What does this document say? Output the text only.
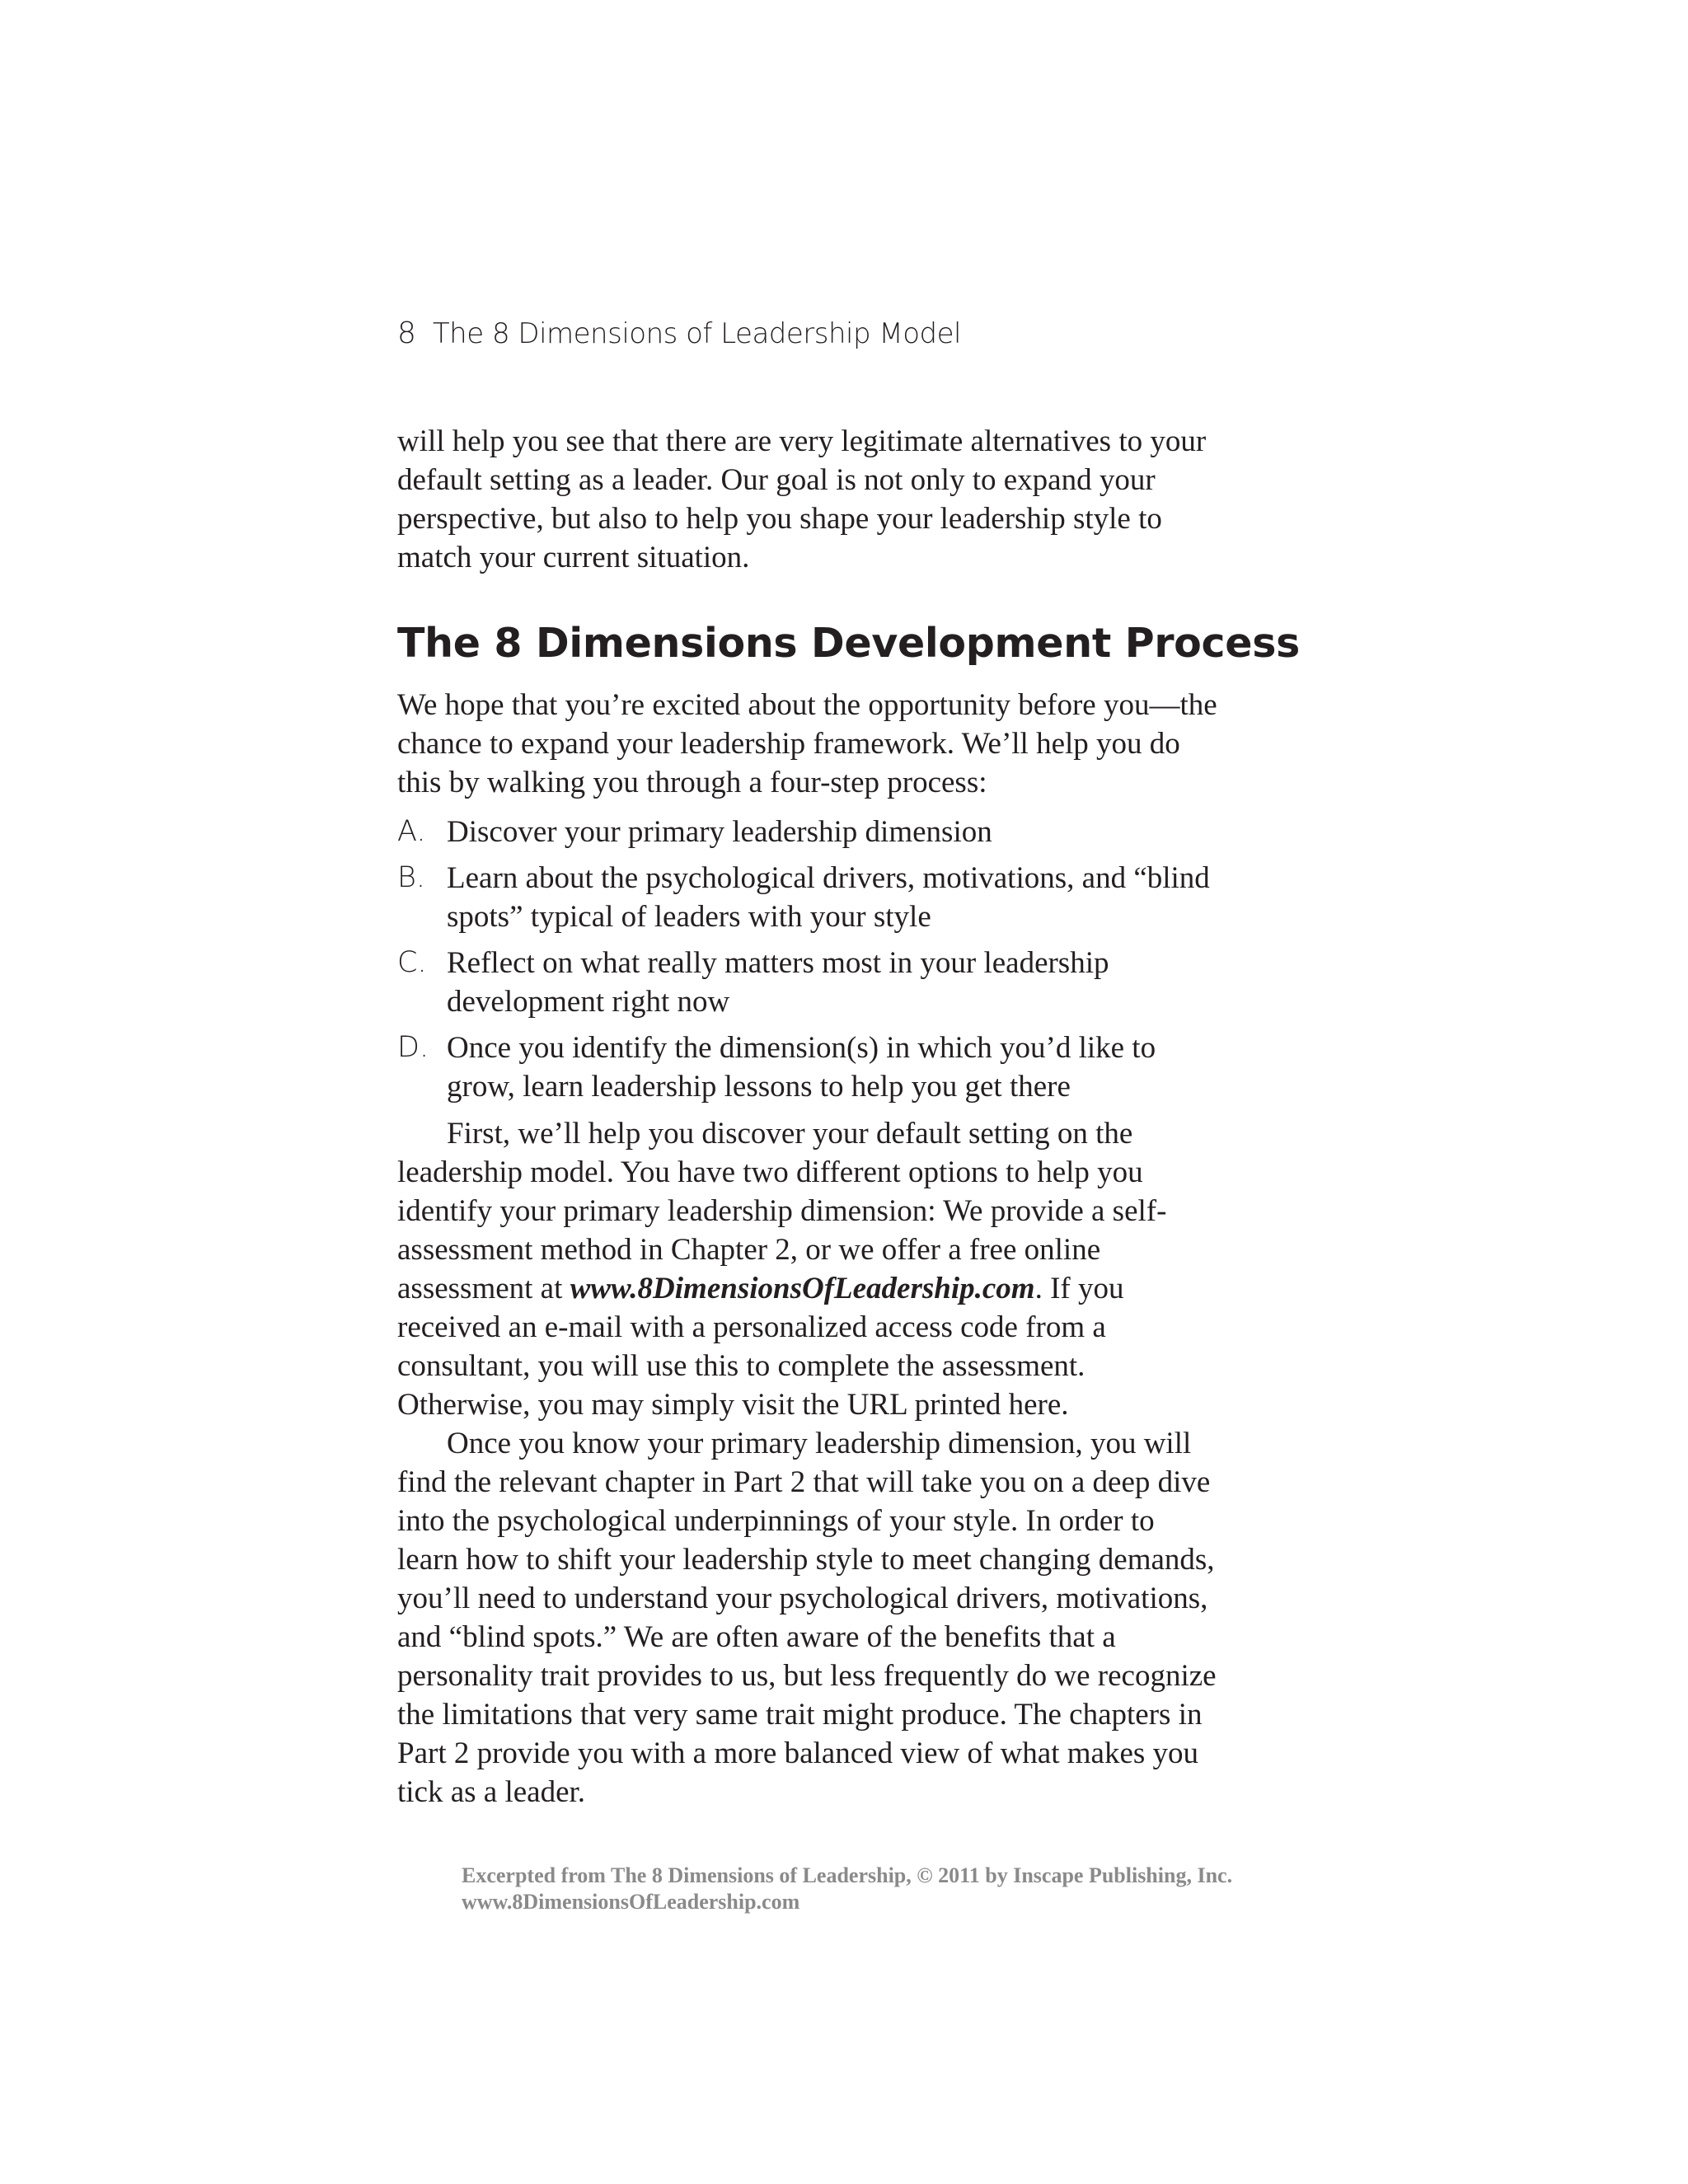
8 The 8 Dimensions of Leadership Model

will help you see that there are very legitimate alternatives to your default setting as a leader. Our goal is not only to expand your perspective, but also to help you shape your leadership style to match your current situation.

The 8 Dimensions Development Process

We hope that you’re excited about the opportunity before you—the chance to expand your leadership framework. We’ll help you do this by walking you through a four-step process:

A. Discover your primary leadership dimension
B. Learn about the psychological drivers, motivations, and “blind spots” typical of leaders with your style
C. Reflect on what really matters most in your leadership development right now
D. Once you identify the dimension(s) in which you’d like to grow, learn leadership lessons to help you get there

First, we’ll help you discover your default setting on the leadership model. You have two different options to help you identify your primary leadership dimension: We provide a self-assessment method in Chapter 2, or we offer a free online assessment at www.8DimensionsOfLeadership.com. If you received an e-mail with a personalized access code from a consultant, you will use this to complete the assessment. Otherwise, you may simply visit the URL printed here.

Once you know your primary leadership dimension, you will find the relevant chapter in Part 2 that will take you on a deep dive into the psychological underpinnings of your style. In order to learn how to shift your leadership style to meet changing demands, you’ll need to understand your psychological drivers, motivations, and “blind spots.” We are often aware of the benefits that a personality trait provides to us, but less frequently do we recognize the limitations that very same trait might produce. The chapters in Part 2 provide you with a more balanced view of what makes you tick as a leader.

Excerpted from The 8 Dimensions of Leadership, © 2011 by Inscape Publishing, Inc.
www.8DimensionsOfLeadership.com
